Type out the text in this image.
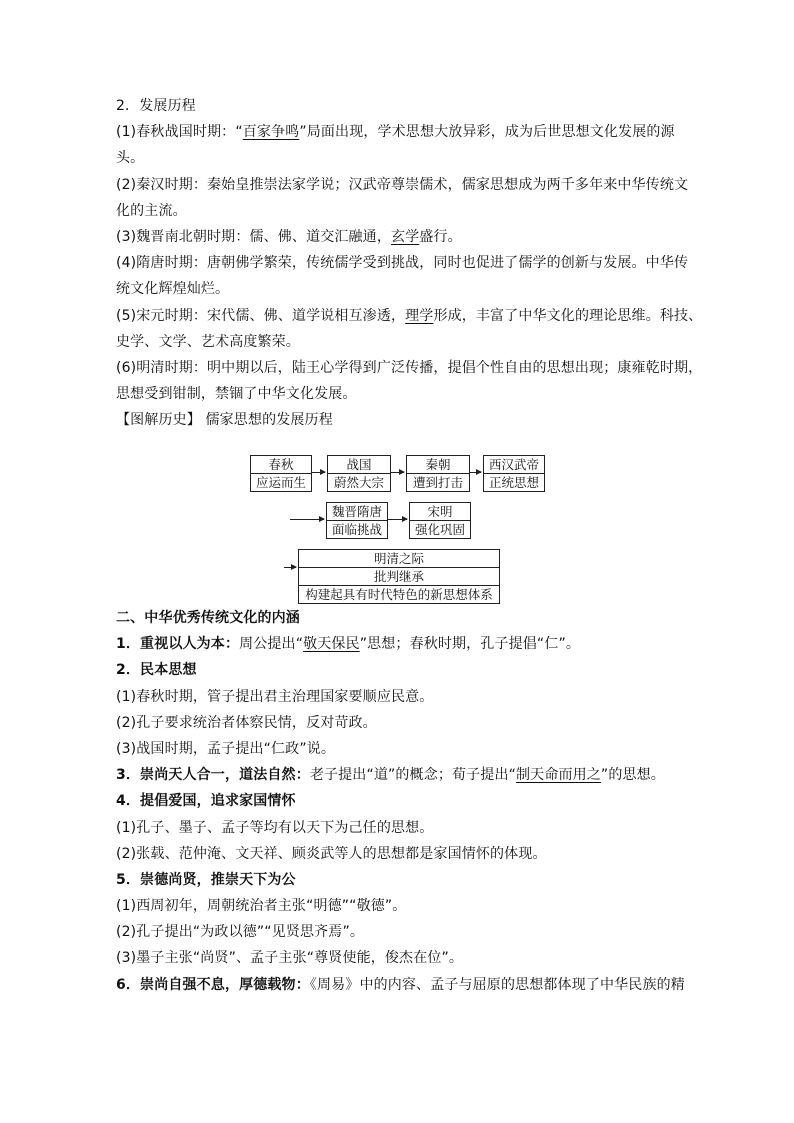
2．发展历程
(1)春秋战国时期：“百家争鸣”局面出现，学术思想大放异彩，成为后世思想文化发展的源
头。
(2)秦汉时期：秦始皇推崇法家学说；汉武帝尊崇儒术，儒家思想成为两千多年来中华传统文
化的主流。
(3)魏晋南北朝时期：儒、佛、道交汇融通，玄学盛行。
(4)隋唐时期：唐朝佛学繁荣，传统儒学受到挑战，同时也促进了儒学的创新与发展。中华传
统文化辉煌灿烂。
(5)宋元时期：宋代儒、佛、道学说相互渗透，理学形成，丰富了中华文化的理论思维。科技、
史学、文学、艺术高度繁荣。
(6)明清时期：明中期以后，陆王心学得到广泛传播，提倡个性自由的思想出现；康雍乾时期，
思想受到钳制，禁锢了中华文化发展。
【图解历史】 儒家思想的发展历程
春秋
应运而生
战国
蔚然大宗
秦朝
遭到打击
西汉武帝
正统思想
魏晋隋唐
面临挑战
宋明
强化巩固
明清之际
批判继承
构建起具有时代特色的新思想体系
二、中华优秀传统文化的内涵
1．重视以人为本：周公提出“敬天保民”思想；春秋时期，孔子提倡“仁”。
2．民本思想
(1)春秋时期，管子提出君主治理国家要顺应民意。
(2)孔子要求统治者体察民情，反对苛政。
(3)战国时期，孟子提出“仁政”说。
3．崇尚天人合一，道法自然：老子提出“道”的概念；荀子提出“制天命而用之”的思想。
4．提倡爱国，追求家国情怀
(1)孔子、墨子、孟子等均有以天下为己任的思想。
(2)张载、范仲淹、文天祥、顾炎武等人的思想都是家国情怀的体现。
5．崇德尚贤，推崇天下为公
(1)西周初年，周朝统治者主张“明德”“敬德”。
(2)孔子提出“为政以德”“见贤思齐焉”。
(3)墨子主张“尚贤”、孟子主张“尊贤使能，俊杰在位”。
6．崇尚自强不息，厚德载物：《周易》中的内容、孟子与屈原的思想都体现了中华民族的精
